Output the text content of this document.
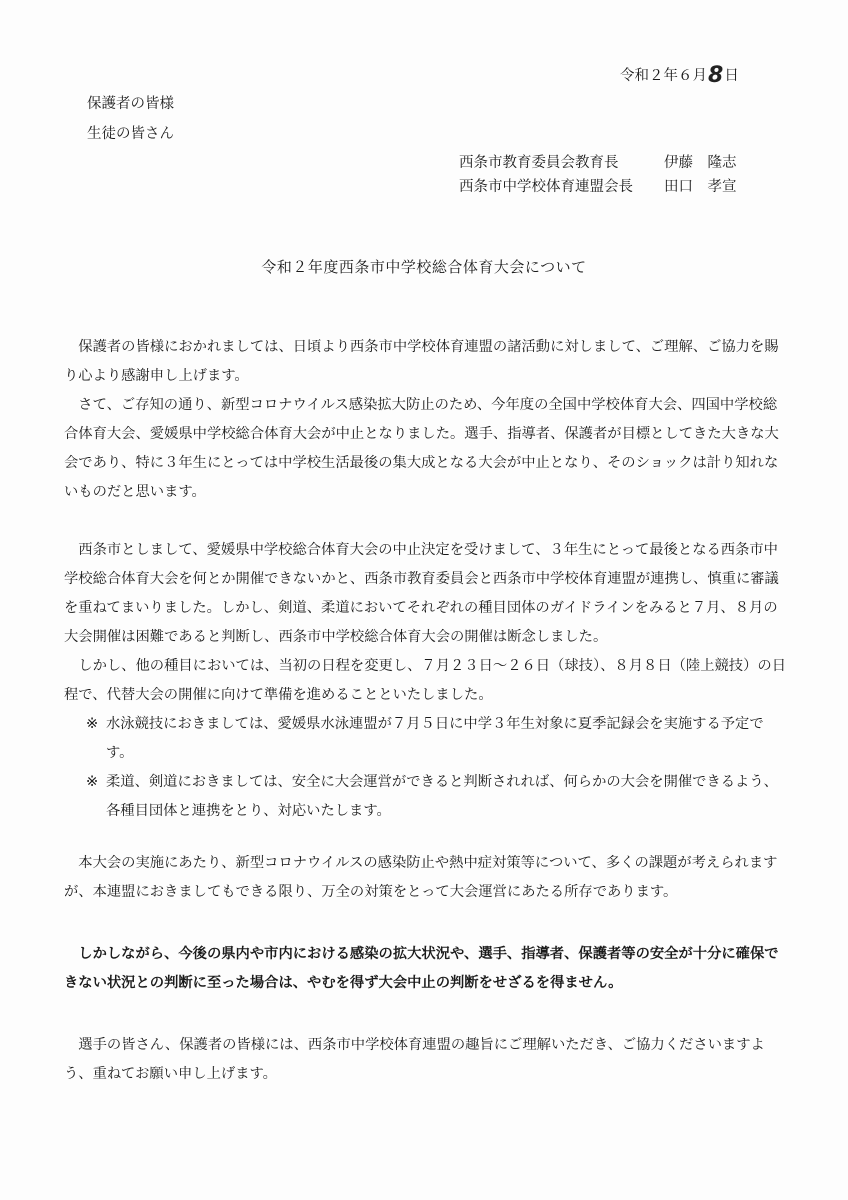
令和２年６月8日
保護者の皆様
生徒の皆さん
西条市教育委員会教育長	伊藤　隆志
西条市中学校体育連盟会長 田口　孝宣
令和２年度西条市中学校総合体育大会について

保護者の皆様におかれましては、日頃より西条市中学校体育連盟の諸活動に対しまして、ご理解、ご協力を賜り心より感謝申し上げます。

さて、ご存知の通り、新型コロナウイルス感染拡大防止のため、今年度の全国中学校体育大会、四国中学校総合体育大会、愛媛県中学校総合体育大会が中止となりました。選手、指導者、保護者が目標としてきた大きな大会であり、特に３年生にとっては中学校生活最後の集大成となる大会が中止となり、そのショックは計り知れないものだと思います。

西条市としまして、愛媛県中学校総合体育大会の中止決定を受けまして、３年生にとって最後となる西条市中学校総合体育大会を何とか開催できないかと、西条市教育委員会と西条市中学校体育連盟が連携し、慎重に審議を重ねてまいりました。しかし、剣道、柔道においてそれぞれの種目団体のガイドラインをみると７月、８月の大会開催は困難であると判断し、西条市中学校総合体育大会の開催は断念しました。

しかし、他の種目においては、当初の日程を変更し、７月２３日～２６日（球技）、８月８日（陸上競技）の日程で、代替大会の開催に向けて準備を進めることといたしました。

※ 水泳競技におきましては、愛媛県水泳連盟が７月５日に中学３年生対象に夏季記録会を実施する予定です。

※ 柔道、剣道におきましては、安全に大会運営ができると判断されれば、何らかの大会を開催できるよう、各種目団体と連携をとり、対応いたします。

本大会の実施にあたり、新型コロナウイルスの感染防止や熱中症対策等について、多くの課題が考えられますが、本連盟におきましてもできる限り、万全の対策をとって大会運営にあたる所存であります。

しかしながら、今後の県内や市内における感染の拡大状況や、選手、指導者、保護者等の安全が十分に確保できない状況との判断に至った場合は、やむを得ず大会中止の判断をせざるを得ません。

選手の皆さん、保護者の皆様には、西条市中学校体育連盟の趣旨にご理解いただき、ご協力くださいますよう、重ねてお願い申し上げます。
